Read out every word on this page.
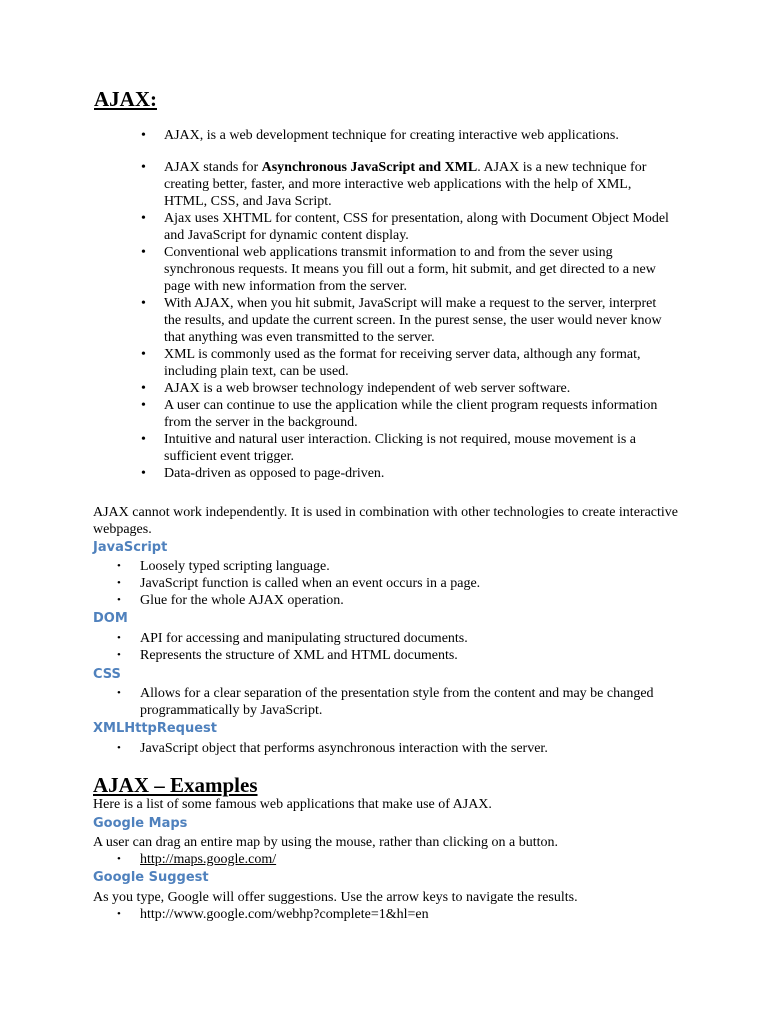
AJAX:
• AJAX, is a web development technique for creating interactive web applications.
• AJAX stands for Asynchronous JavaScript and XML. AJAX is a new technique for creating better, faster, and more interactive web applications with the help of XML, HTML, CSS, and Java Script.
• Ajax uses XHTML for content, CSS for presentation, along with Document Object Model and JavaScript for dynamic content display.
• Conventional web applications transmit information to and from the sever using synchronous requests. It means you fill out a form, hit submit, and get directed to a new page with new information from the server.
• With AJAX, when you hit submit, JavaScript will make a request to the server, interpret the results, and update the current screen. In the purest sense, the user would never know that anything was even transmitted to the server.
• XML is commonly used as the format for receiving server data, although any format, including plain text, can be used.
• AJAX is a web browser technology independent of web server software.
• A user can continue to use the application while the client program requests information from the server in the background.
• Intuitive and natural user interaction. Clicking is not required, mouse movement is a sufficient event trigger.
• Data-driven as opposed to page-driven.
AJAX cannot work independently. It is used in combination with other technologies to create interactive webpages.
JavaScript
• Loosely typed scripting language.
• JavaScript function is called when an event occurs in a page.
• Glue for the whole AJAX operation.
DOM
• API for accessing and manipulating structured documents.
• Represents the structure of XML and HTML documents.
CSS
• Allows for a clear separation of the presentation style from the content and may be changed programmatically by JavaScript.
XMLHttpRequest
• JavaScript object that performs asynchronous interaction with the server.
AJAX – Examples
Here is a list of some famous web applications that make use of AJAX.
Google Maps
A user can drag an entire map by using the mouse, rather than clicking on a button.
• http://maps.google.com/
Google Suggest
As you type, Google will offer suggestions. Use the arrow keys to navigate the results.
• http://www.google.com/webhp?complete=1&hl=en
